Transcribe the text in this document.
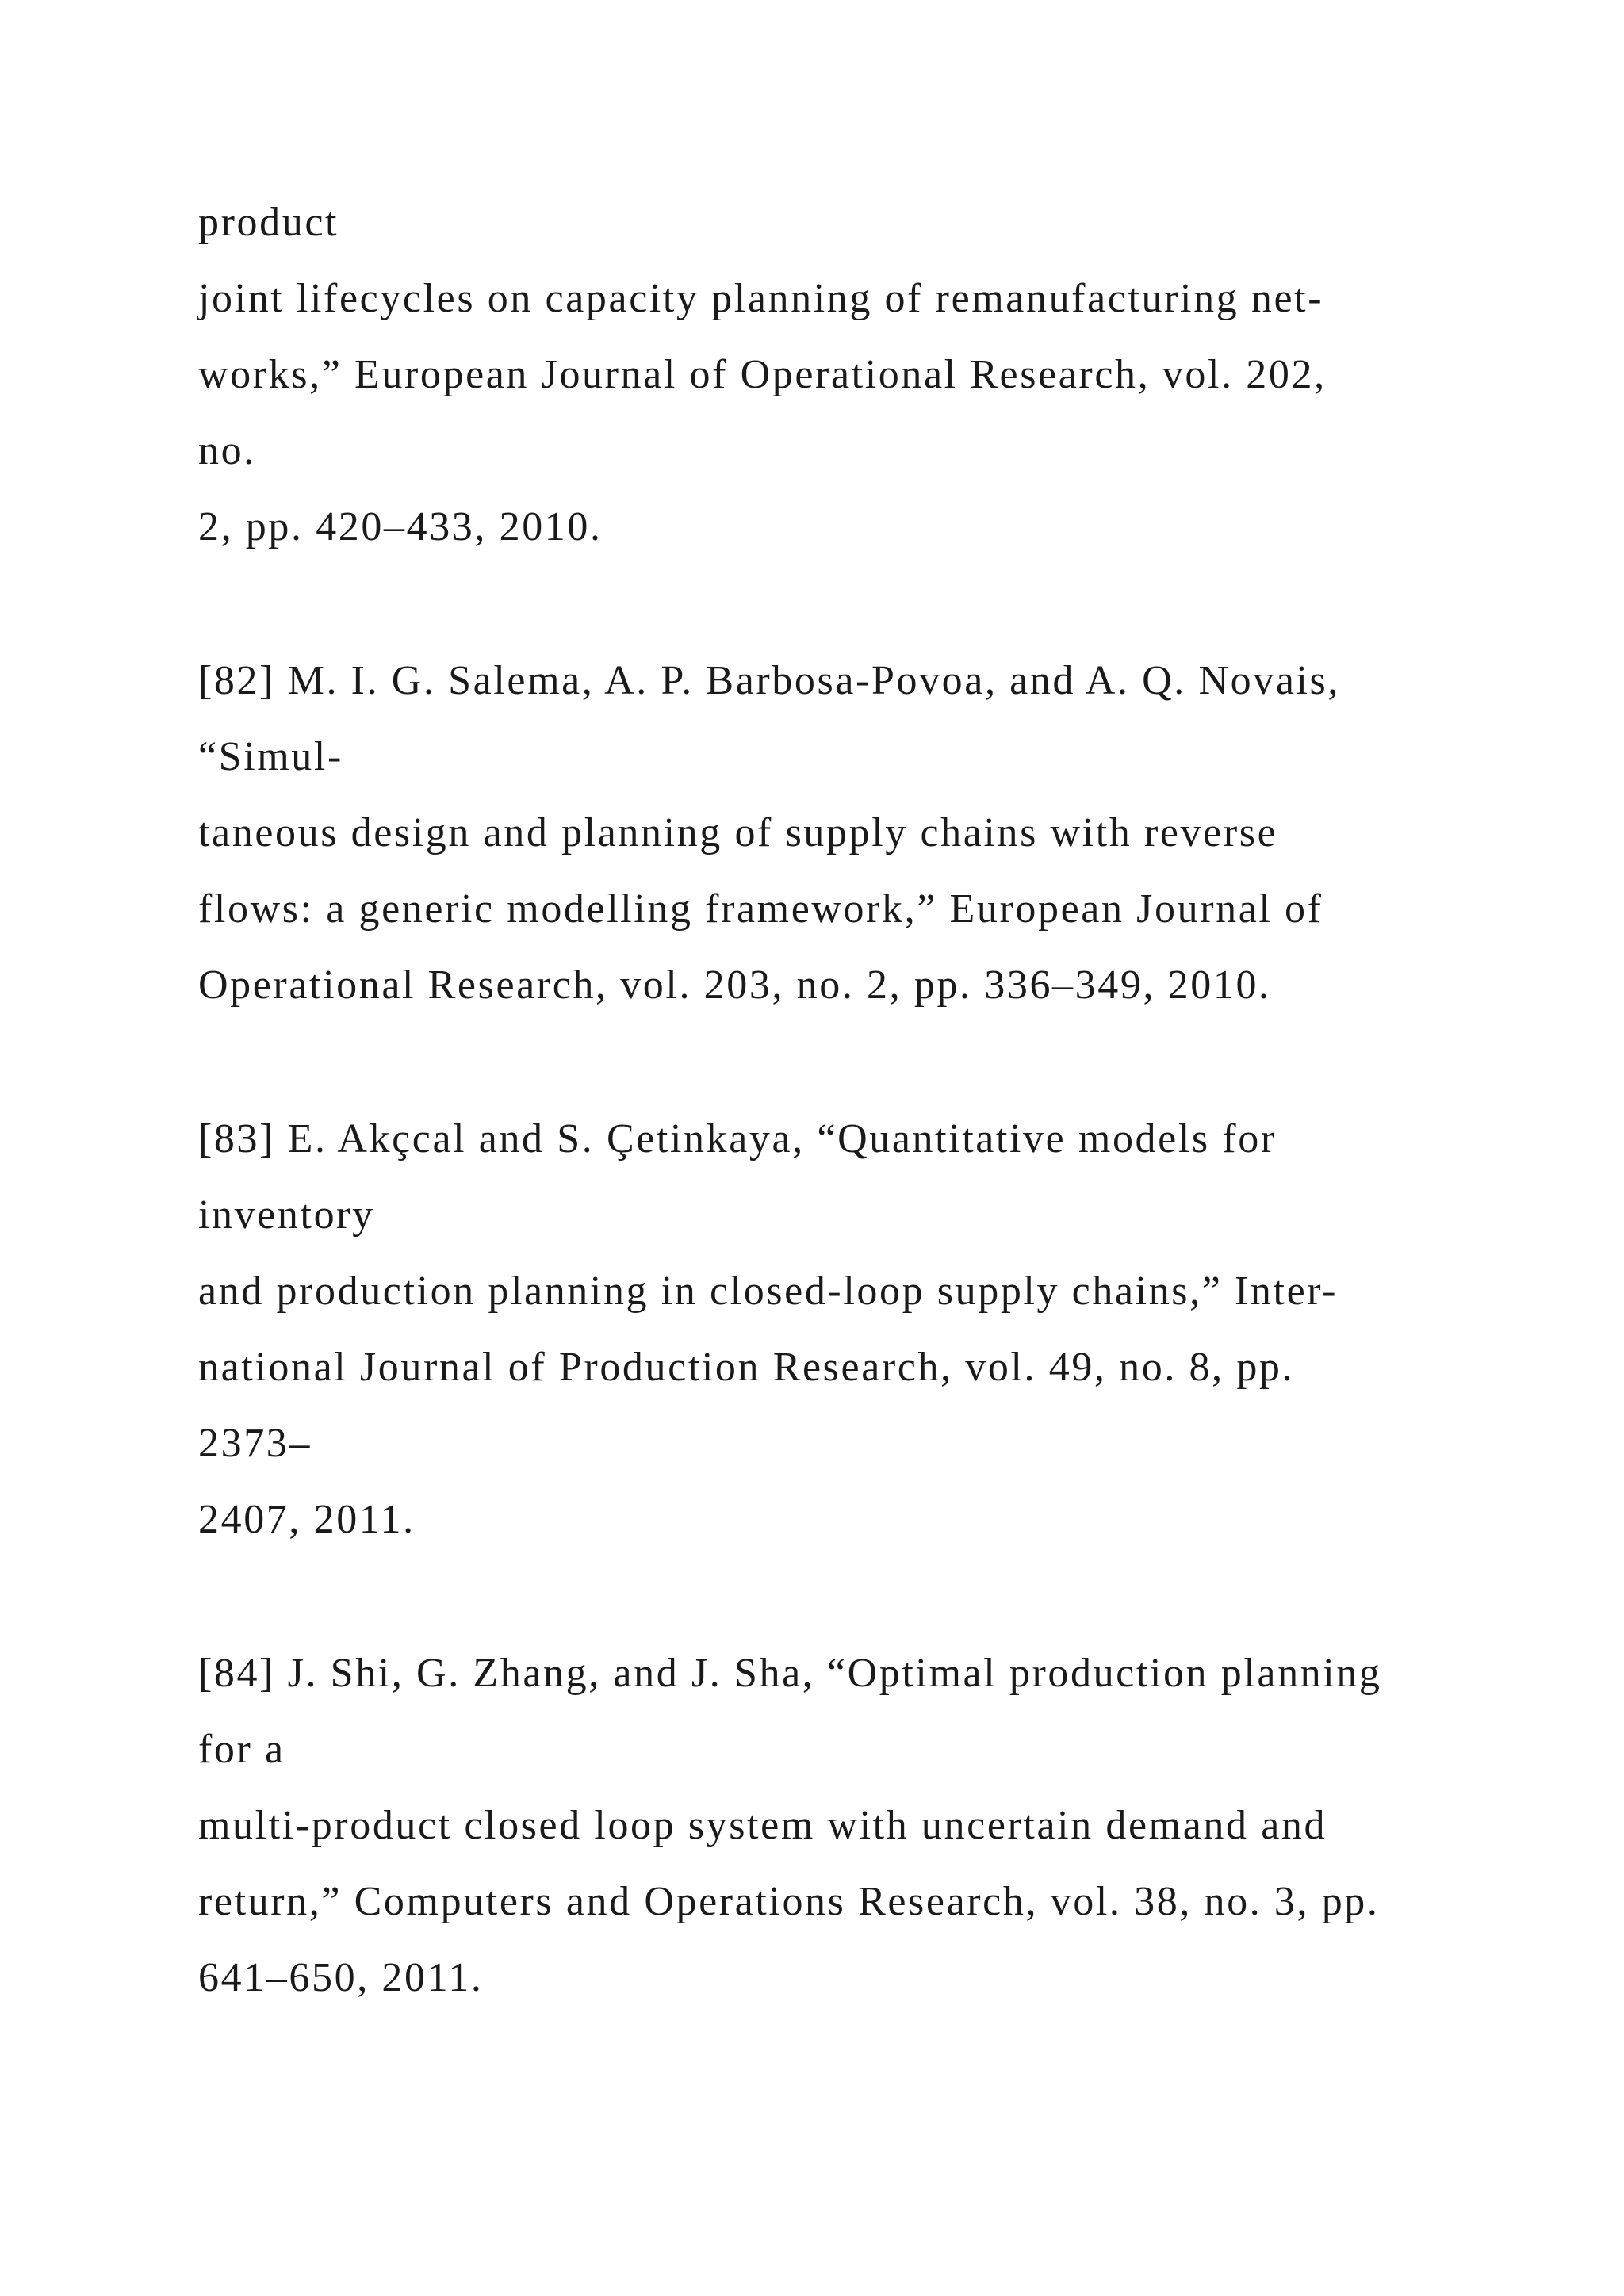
product
joint lifecycles on capacity planning of remanufacturing net-
works,” European Journal of Operational Research, vol. 202,
no.
2, pp. 420–433, 2010.
[82] M. I. G. Salema, A. P. Barbosa-Povoa, and A. Q. Novais,
“Simul-
taneous design and planning of supply chains with reverse
flows: a generic modelling framework,” European Journal of
Operational Research, vol. 203, no. 2, pp. 336–349, 2010.
[83] E. Akçcal and S. Çetinkaya, “Quantitative models for
inventory
and production planning in closed-loop supply chains,” Inter-
national Journal of Production Research, vol. 49, no. 8, pp.
2373–
2407, 2011.
[84] J. Shi, G. Zhang, and J. Sha, “Optimal production planning
for a
multi-product closed loop system with uncertain demand and
return,” Computers and Operations Research, vol. 38, no. 3, pp.
641–650, 2011.
